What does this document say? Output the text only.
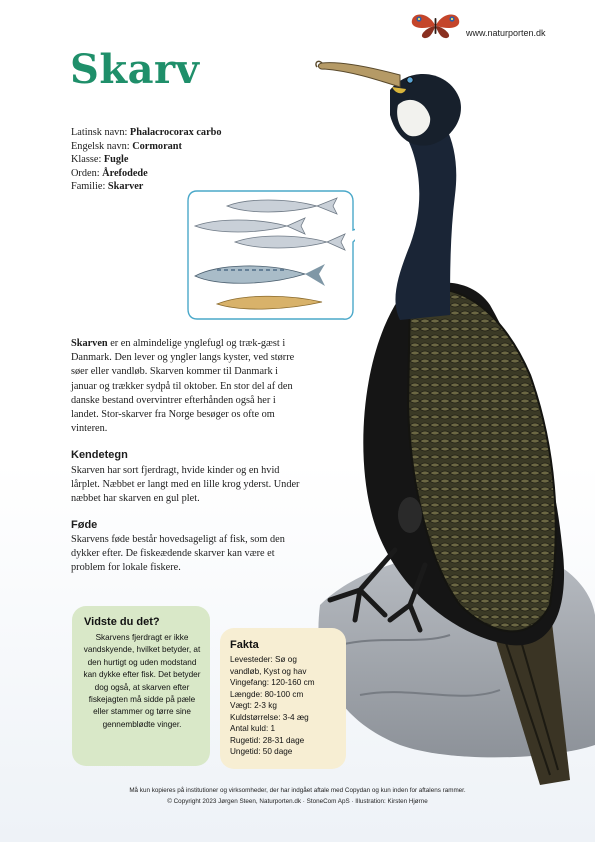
www.naturporten.dk
Skarv
Latinsk navn: Phalacrocorax carbo
Engelsk navn: Cormorant
Klasse: Fugle
Orden: Årefodede
Familie: Skarver

Skarven er en almindelige ynglefugl og træk-gæst i Danmark. Den lever og yngler langs kyster, ved større søer eller vandløb. Skarven kommer til Danmark i januar og trækker sydpå til oktober. En stor del af den danske bestand overvintrer efterhånden også her i landet. Stor-skarver fra Norge besøger os ofte om vinteren.

Kendetegn

Skarven har sort fjerdragt, hvide kinder og en hvid lårplet. Næbbet er langt med en lille krog yderst. Under næbbet har skarven en gul plet.

Føde

Skarvens føde består hovedsageligt af fisk, som den dykker efter. De fiskeædende skarver kan være et problem for lokale fiskere.

Vidste du det?

Skarvens fjerdragt er ikke vandskyende, hvilket betyder, at den hurtigt og uden modstand kan dykke efter fisk. Det betyder dog også, at skarven efter fiskejagten må sidde på pæle eller stammer og tørre sine gennemblødte vinger.

Fakta
Levesteder: Sø og
vandløb, Kyst og hav
Vingefang: 120-160 cm
Længde: 80-100 cm
Vægt: 2-3 kg
Kuldstørrelse: 3-4 æg
Antal kuld: 1
Rugetid: 28-31 dage
Ungetid: 50 dage
Må kun kopieres på institutioner og virksomheder, der har indgået aftale med Copydan og kun inden for aftalens rammer.
© Copyright 2023 Jørgen Steen, Naturporten.dk · StoneCom ApS · Illustration: Kirsten Hjørne
